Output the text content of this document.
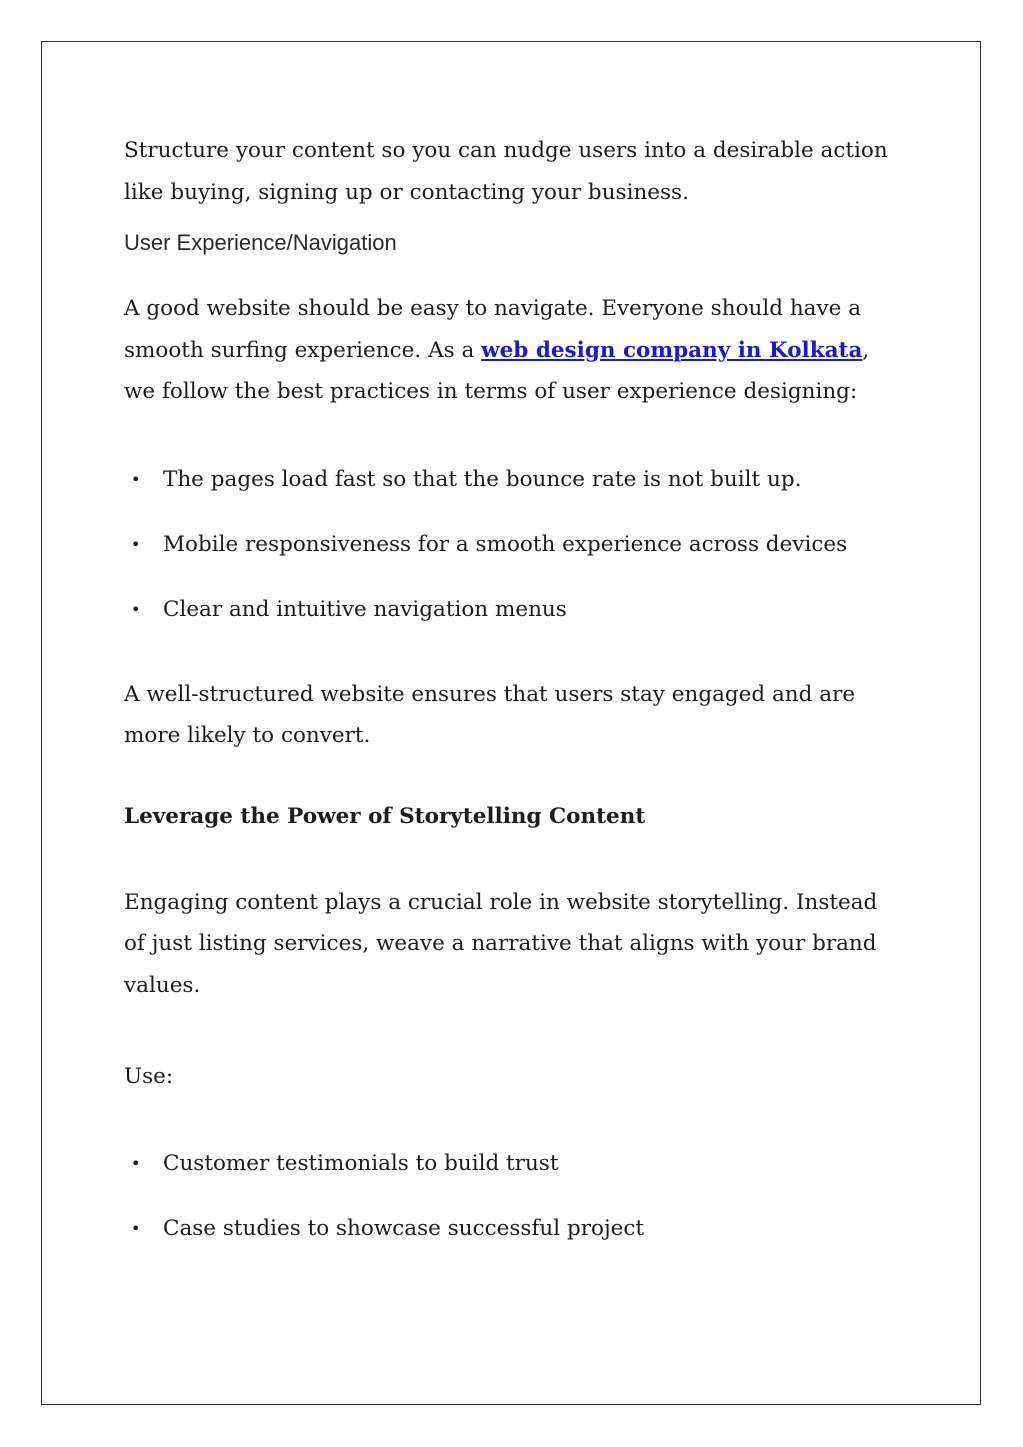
Structure your content so you can nudge users into a desirable action like buying, signing up or contacting your business.

User Experience/Navigation

A good website should be easy to navigate. Everyone should have a smooth surfing experience. As a web design company in Kolkata, we follow the best practices in terms of user experience designing:

• The pages load fast so that the bounce rate is not built up.
• Mobile responsiveness for a smooth experience across devices
• Clear and intuitive navigation menus

A well-structured website ensures that users stay engaged and are more likely to convert.

Leverage the Power of Storytelling Content

Engaging content plays a crucial role in website storytelling. Instead of just listing services, weave a narrative that aligns with your brand values.

Use:

• Customer testimonials to build trust
• Case studies to showcase successful project
